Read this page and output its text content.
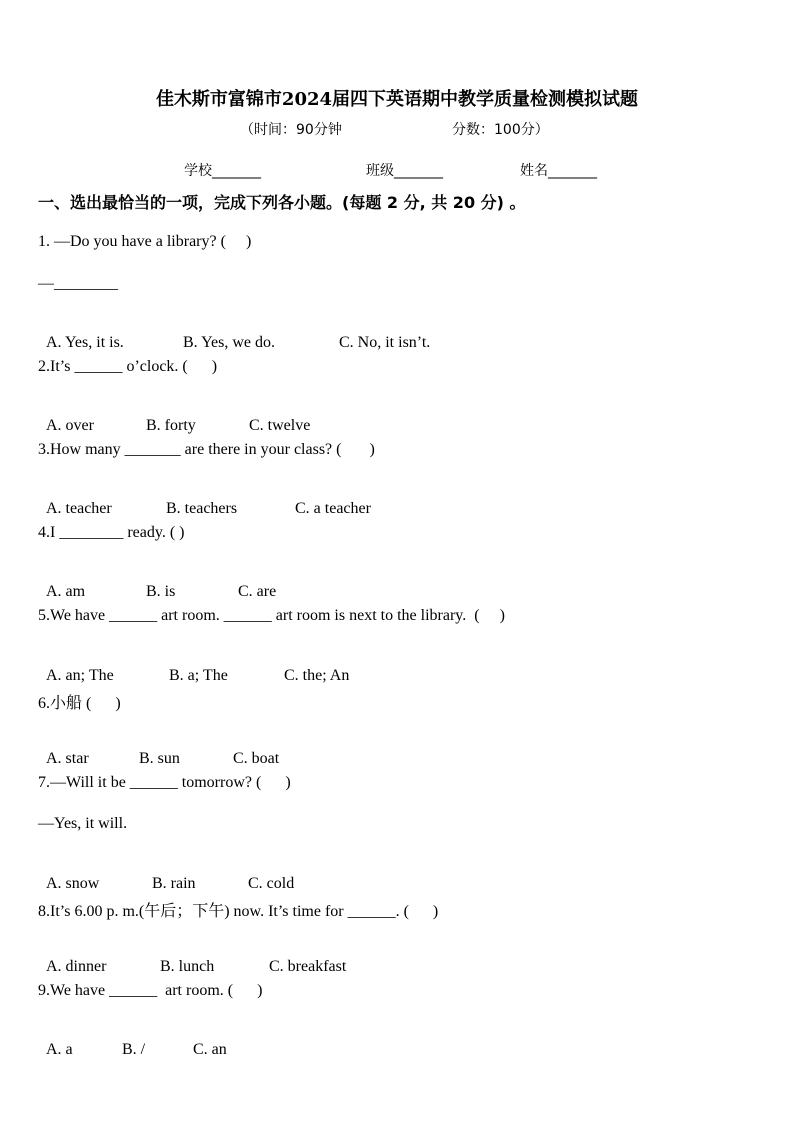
佳木斯市富锦市2024届四下英语期中教学质量检测模拟试题
（时间：90分钟	分数：100分）
学校_______	班级_______	姓名_______
一、选出最恰当的一项，完成下列各小题。(每题 2 分, 共 20 分) 。
1. —Do you have a library? (     )
—________

A. Yes, it is.	B. Yes, we do.	C. No, it isn’t.

2.It’s ______ o’clock. (      )

A. over	B. forty	C. twelve

3.How many _______ are there in your class? (       )

A. teacher	B. teachers	C. a teacher

4.I ________ ready. ( )

A. am	B. is	C. are

5.We have ______ art room. ______ art room is next to the library.  (     )

A. an; The	B. a; The	C. the; An

6.小船 (      )

A. star	B. sun	C. boat

7.—Will it be ______ tomorrow? (      )
—Yes, it will.

A. snow	B. rain	C. cold

8.It’s 6.00 p. m.(午后；下午) now. It’s time for ______. (      )

A. dinner	B. lunch	C. breakfast

9.We have ______  art room. (      )

A. a	B. /	C. an
